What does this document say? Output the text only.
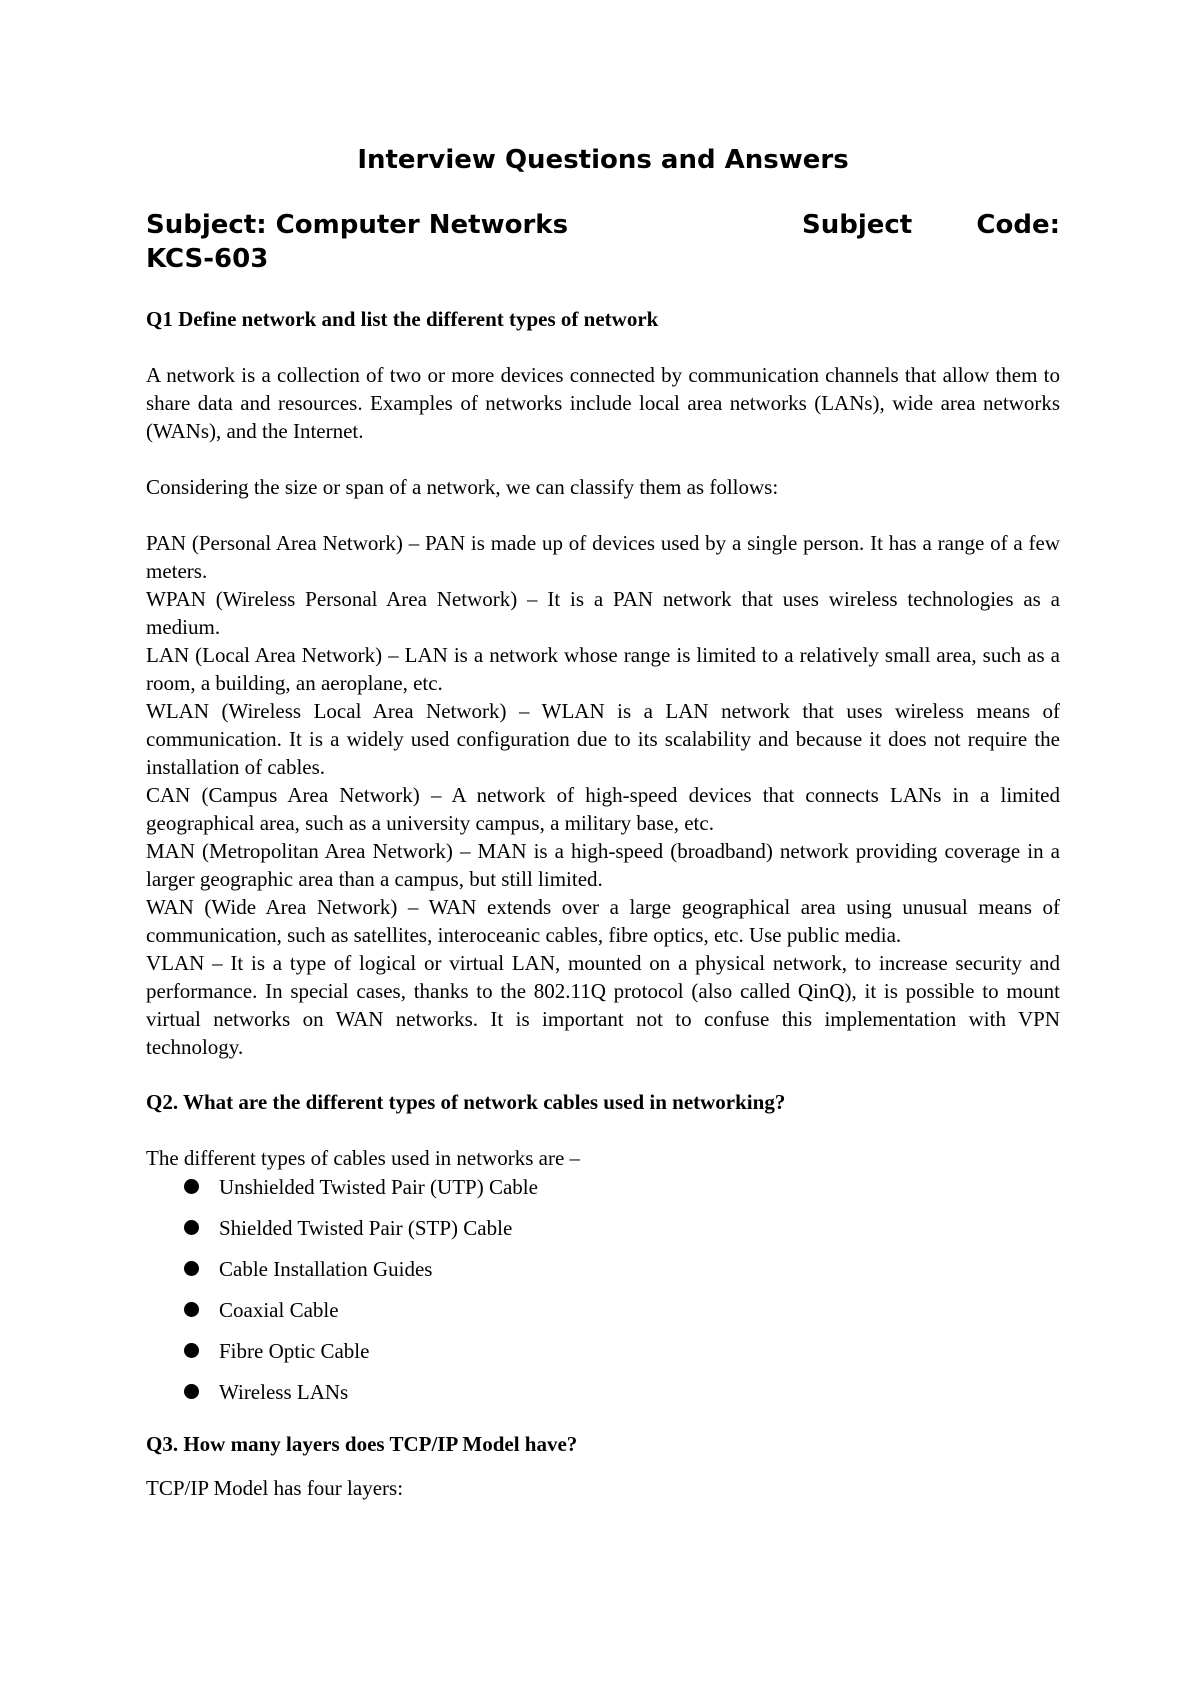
Interview Questions and Answers
Subject: Computer Networks	Subject Code:
KCS-603

Q1 Define network and list the different types of network

A network is a collection of two or more devices connected by communication channels that allow them to share data and resources. Examples of networks include local area networks (LANs), wide area networks (WANs), and the Internet.

Considering the size or span of a network, we can classify them as follows:

PAN (Personal Area Network) – PAN is made up of devices used by a single person. It has a range of a few meters.

WPAN (Wireless Personal Area Network) – It is a PAN network that uses wireless technologies as a medium.

LAN (Local Area Network) – LAN is a network whose range is limited to a relatively small area, such as a room, a building, an aeroplane, etc.

WLAN (Wireless Local Area Network) – WLAN is a LAN network that uses wireless means of communication. It is a widely used configuration due to its scalability and because it does not require the installation of cables.

CAN (Campus Area Network) – A network of high-speed devices that connects LANs in a limited geographical area, such as a university campus, a military base, etc.

MAN (Metropolitan Area Network) – MAN is a high-speed (broadband) network providing coverage in a larger geographic area than a campus, but still limited.

WAN (Wide Area Network) – WAN extends over a large geographical area using unusual means of communication, such as satellites, interoceanic cables, fibre optics, etc. Use public media.

VLAN – It is a type of logical or virtual LAN, mounted on a physical network, to increase security and performance. In special cases, thanks to the 802.11Q protocol (also called QinQ), it is possible to mount virtual networks on WAN networks. It is important not to confuse this implementation with VPN technology.

Q2. What are the different types of network cables used in networking?

The different types of cables used in networks are –

Unshielded Twisted Pair (UTP) Cable
Shielded Twisted Pair (STP) Cable
Cable Installation Guides
Coaxial Cable
Fibre Optic Cable
Wireless LANs

Q3. How many layers does TCP/IP Model have?

TCP/IP Model has four layers:
